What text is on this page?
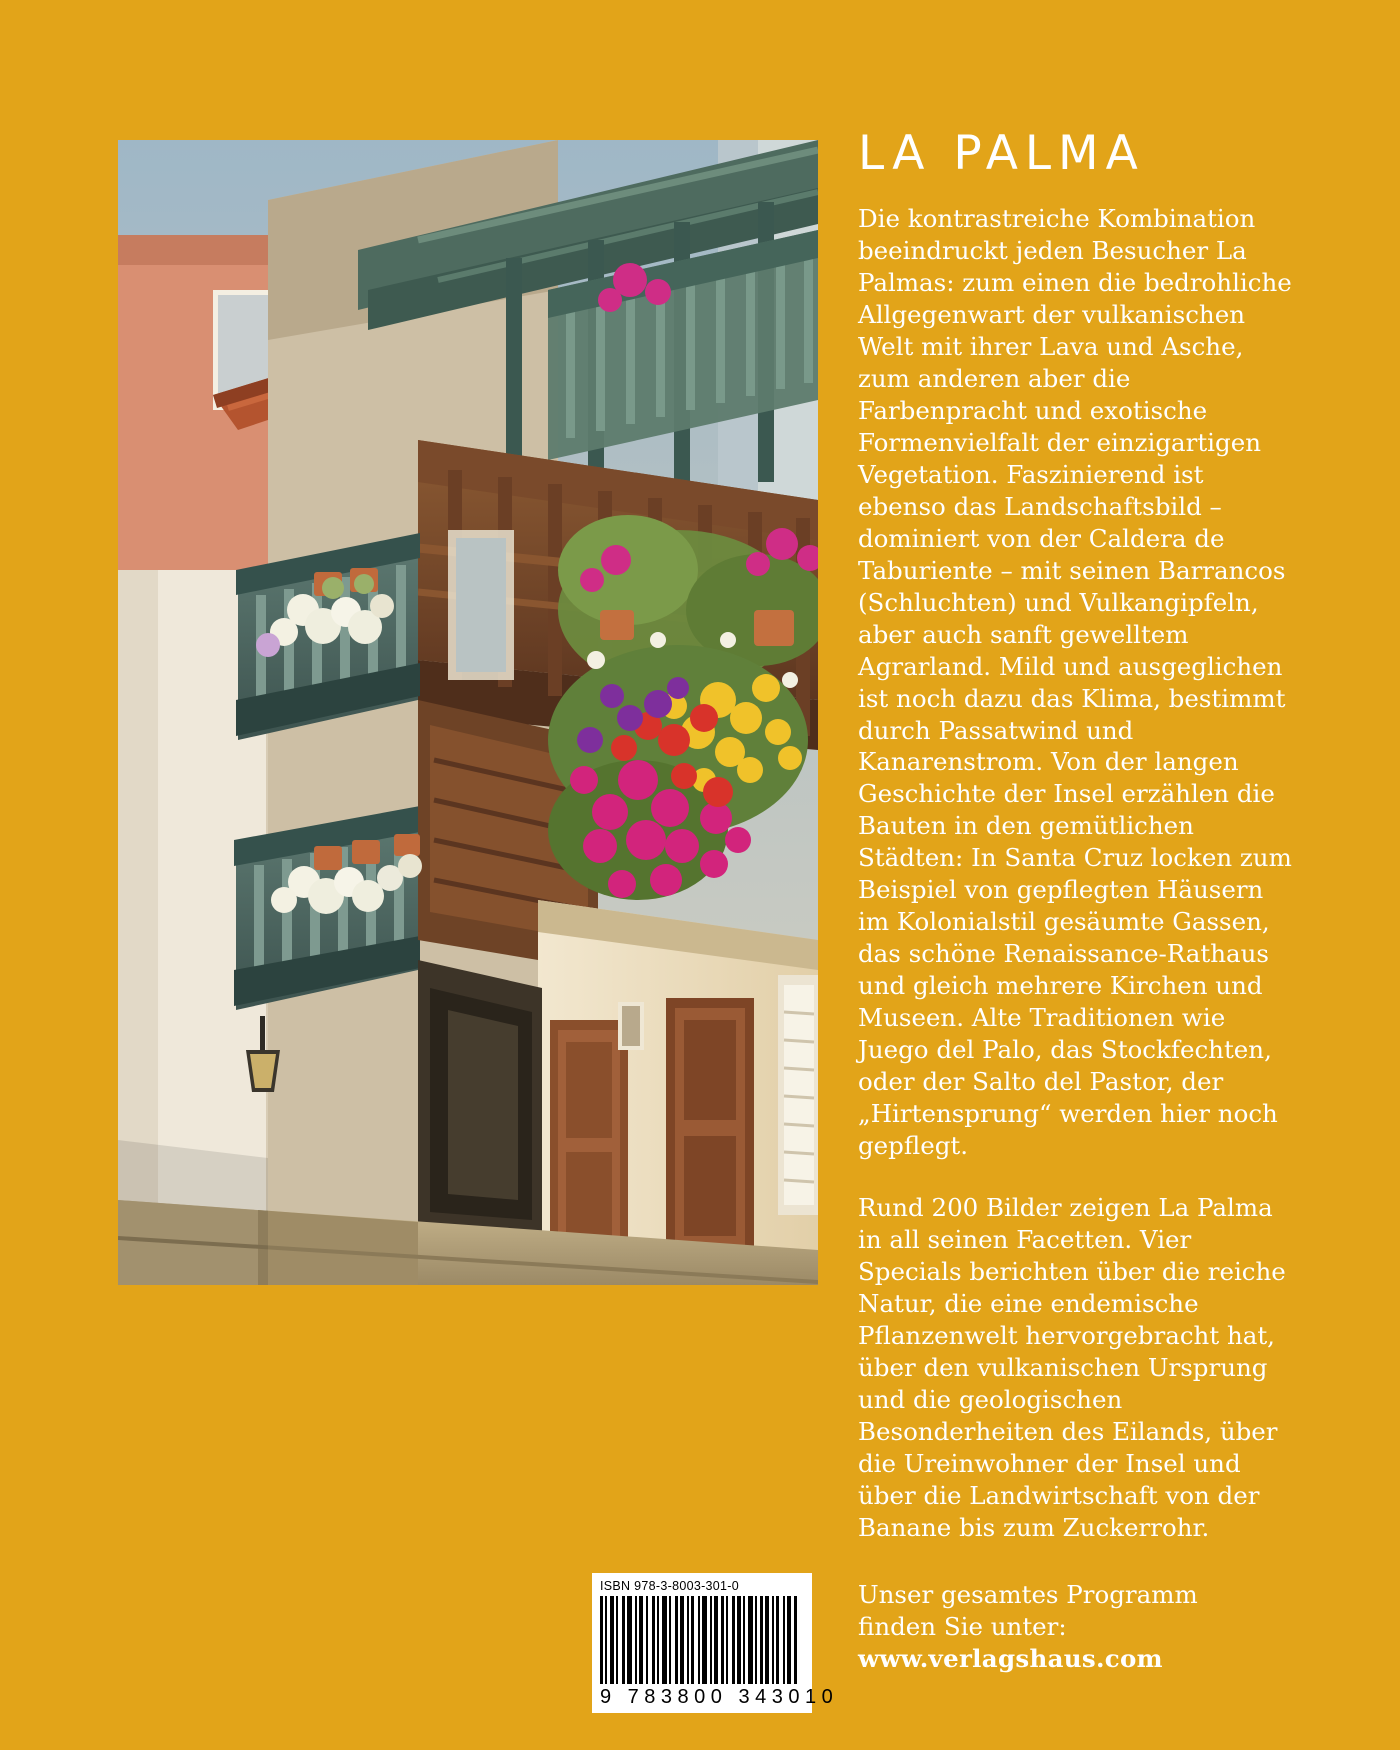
LA PALMA

Die kontrastreiche Kombination beeindruckt jeden Besucher La Palmas: zum einen die bedrohliche Allgegenwart der vulkanischen Welt mit ihrer Lava und Asche, zum anderen aber die Farbenpracht und exotische Formenvielfalt der einzigartigen Vegetation. Faszinierend ist ebenso das Landschaftsbild – dominiert von der Caldera de Taburiente – mit seinen Barrancos (Schluchten) und Vulkangipfeln, aber auch sanft gewelltem Agrarland. Mild und ausgeglichen ist noch dazu das Klima, bestimmt durch Passatwind und Kanarenstrom. Von der langen Geschichte der Insel erzählen die Bauten in den gemütlichen Städten: In Santa Cruz locken zum Beispiel von gepflegten Häusern im Kolonialstil gesäumte Gassen, das schöne Renaissance-Rathaus und gleich mehrere Kirchen und Museen. Alte Traditionen wie Juego del Palo, das Stockfechten, oder der Salto del Pastor, der „Hirtensprung“ werden hier noch gepflegt.

Rund 200 Bilder zeigen La Palma in all seinen Facetten. Vier Specials berichten über die reiche Natur, die eine endemische Pflanzenwelt hervorgebracht hat, über den vulkanischen Ursprung und die geologischen Besonderheiten des Eilands, über die Ureinwohner der Insel und über die Landwirtschaft von der Banane bis zum Zuckerrohr.

ISBN 978-3-8003-301-0
9 783800 343010
Unser gesamtes Programm
finden Sie unter:
www.verlagshaus.com
